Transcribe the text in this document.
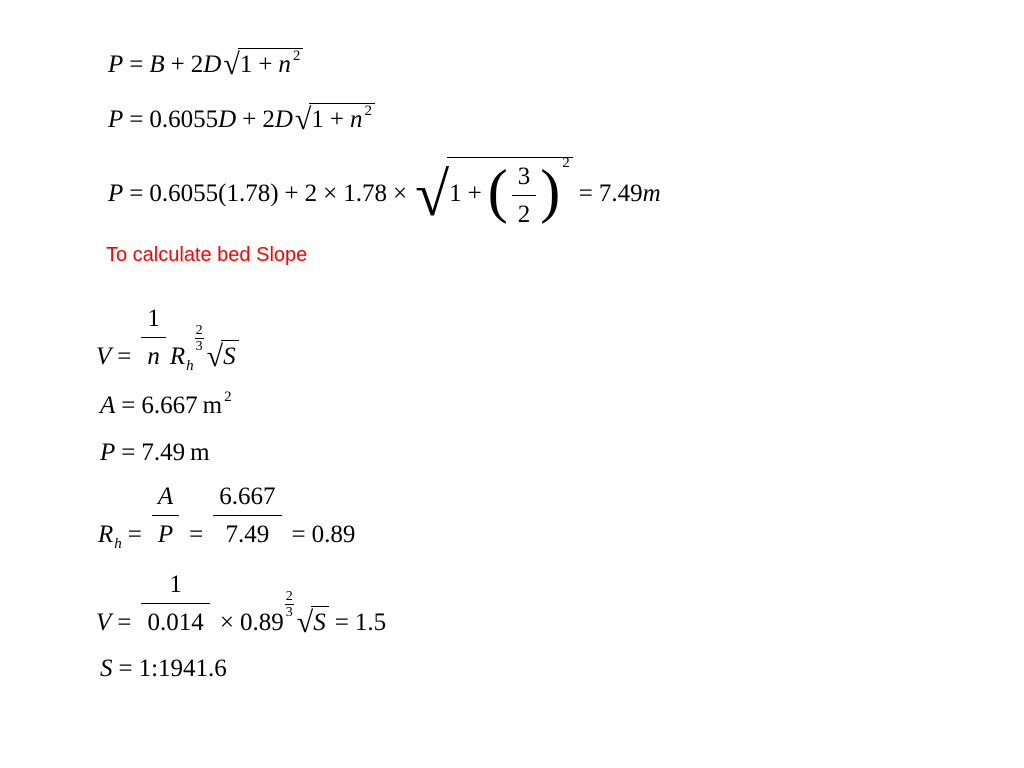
P = B + 2D√1 + n $^2$
P = 0.6055D + 2D√1 + n $^2$
P = 0.6055(1.78) + 2 × 1.78 × √1 + ( $\frac{3}{2}$ ) $^2$= 7.49m
To calculate bed Slope
$V = \frac{1}{n} R_h$
$\frac{2}{3}$
√S
A = 6.667 m $^2$
P = 7.49 m
$R_h = \frac{A}{P} = \frac{6.667}{7.49} = 0.89$
$V = \frac{1}{0.014} \times 0.89$
$\frac{2}{3}$
√S = 1.5
S = 1:1941.6
